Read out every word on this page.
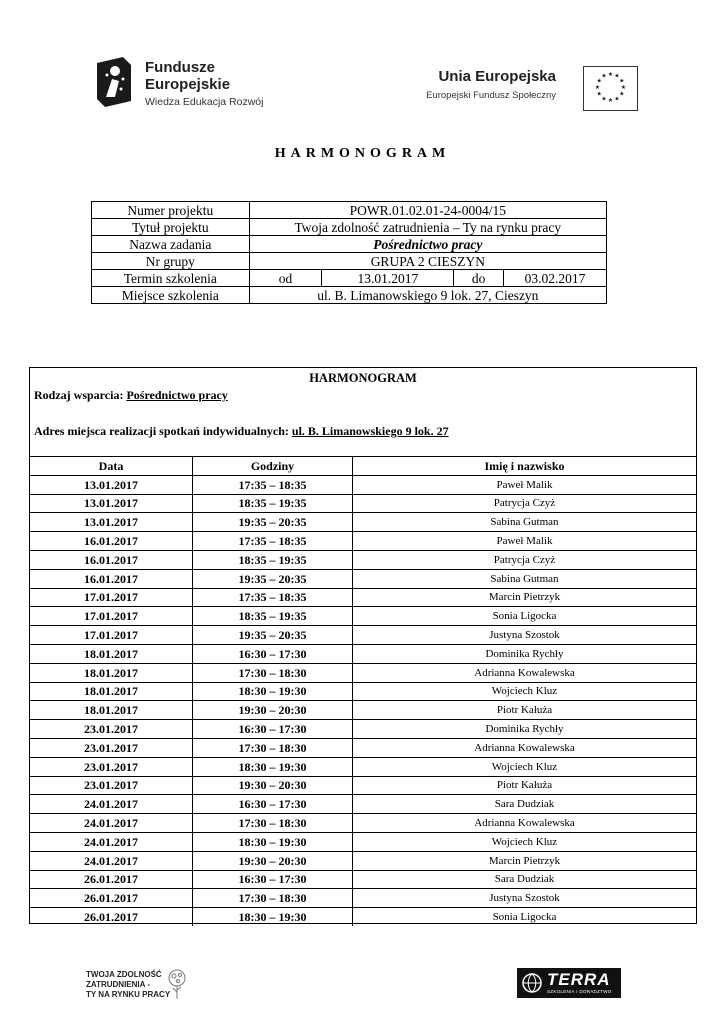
Fundusze
Europejskie
Wiedza Edukacja Rozwój
Unia Europejska
Europejski Fundusz Społeczny
★ ★
★
★
★
★
★
★
★
★
★
★
HARMONOGRAM
Numer projektu	POWR.01.02.01-24-0004/15			
Tytuł projektu	Twoja zdolność zatrudnienia – Ty na rynku pracy			
Nazwa zadania	Pośrednictwo pracy			
Nr grupy	GRUPA 2 CIESZYN			
Termin szkolenia	od	13.01.2017	do	03.02.2017
Miejsce szkolenia	ul. B. Limanowskiego 9 lok. 27, Cieszyn			
HARMONOGRAM
Rodzaj wsparcia: Pośrednictwo pracy
Adres miejsca realizacji spotkań indywidualnych: ul. B. Limanowskiego 9 lok. 27
Data	Godziny	Imię i nazwisko
13.01.2017	17:35 – 18:35	Paweł Malik
13.01.2017	18:35 – 19:35	Patrycja Czyż
13.01.2017	19:35 – 20:35	Sabina Gutman
16.01.2017	17:35 – 18:35	Paweł Malik
16.01.2017	18:35 – 19:35	Patrycja Czyż
16.01.2017	19:35 – 20:35	Sabina Gutman
17.01.2017	17:35 – 18:35	Marcin Pietrzyk
17.01.2017	18:35 – 19:35	Sonia Ligocka
17.01.2017	19:35 – 20:35	Justyna Szostok
18.01.2017	16:30 – 17:30	Dominika Rychły
18.01.2017	17:30 – 18:30	Adrianna Kowalewska
18.01.2017	18:30 – 19:30	Wojciech Kluz
18.01.2017	19:30 – 20:30	Piotr Kałuża
23.01.2017	16:30 – 17:30	Dominika Rychły
23.01.2017	17:30 – 18:30	Adrianna Kowalewska
23.01.2017	18:30 – 19:30	Wojciech Kluz
23.01.2017	19:30 – 20:30	Piotr Kałuża
24.01.2017	16:30 – 17:30	Sara Dudziak
24.01.2017	17:30 – 18:30	Adrianna Kowalewska
24.01.2017	18:30 – 19:30	Wojciech Kluz
24.01.2017	19:30 – 20:30	Marcin Pietrzyk
26.01.2017	16:30 – 17:30	Sara Dudziak
26.01.2017	17:30 – 18:30	Justyna Szostok
26.01.2017	18:30 – 19:30	Sonia Ligocka
TWOJA ZDOLNOŚĆ
ZATRUDNIENIA -
TY NA RYNKU PRACY
TERRA
SZKOLENIA I DORADZTWO
